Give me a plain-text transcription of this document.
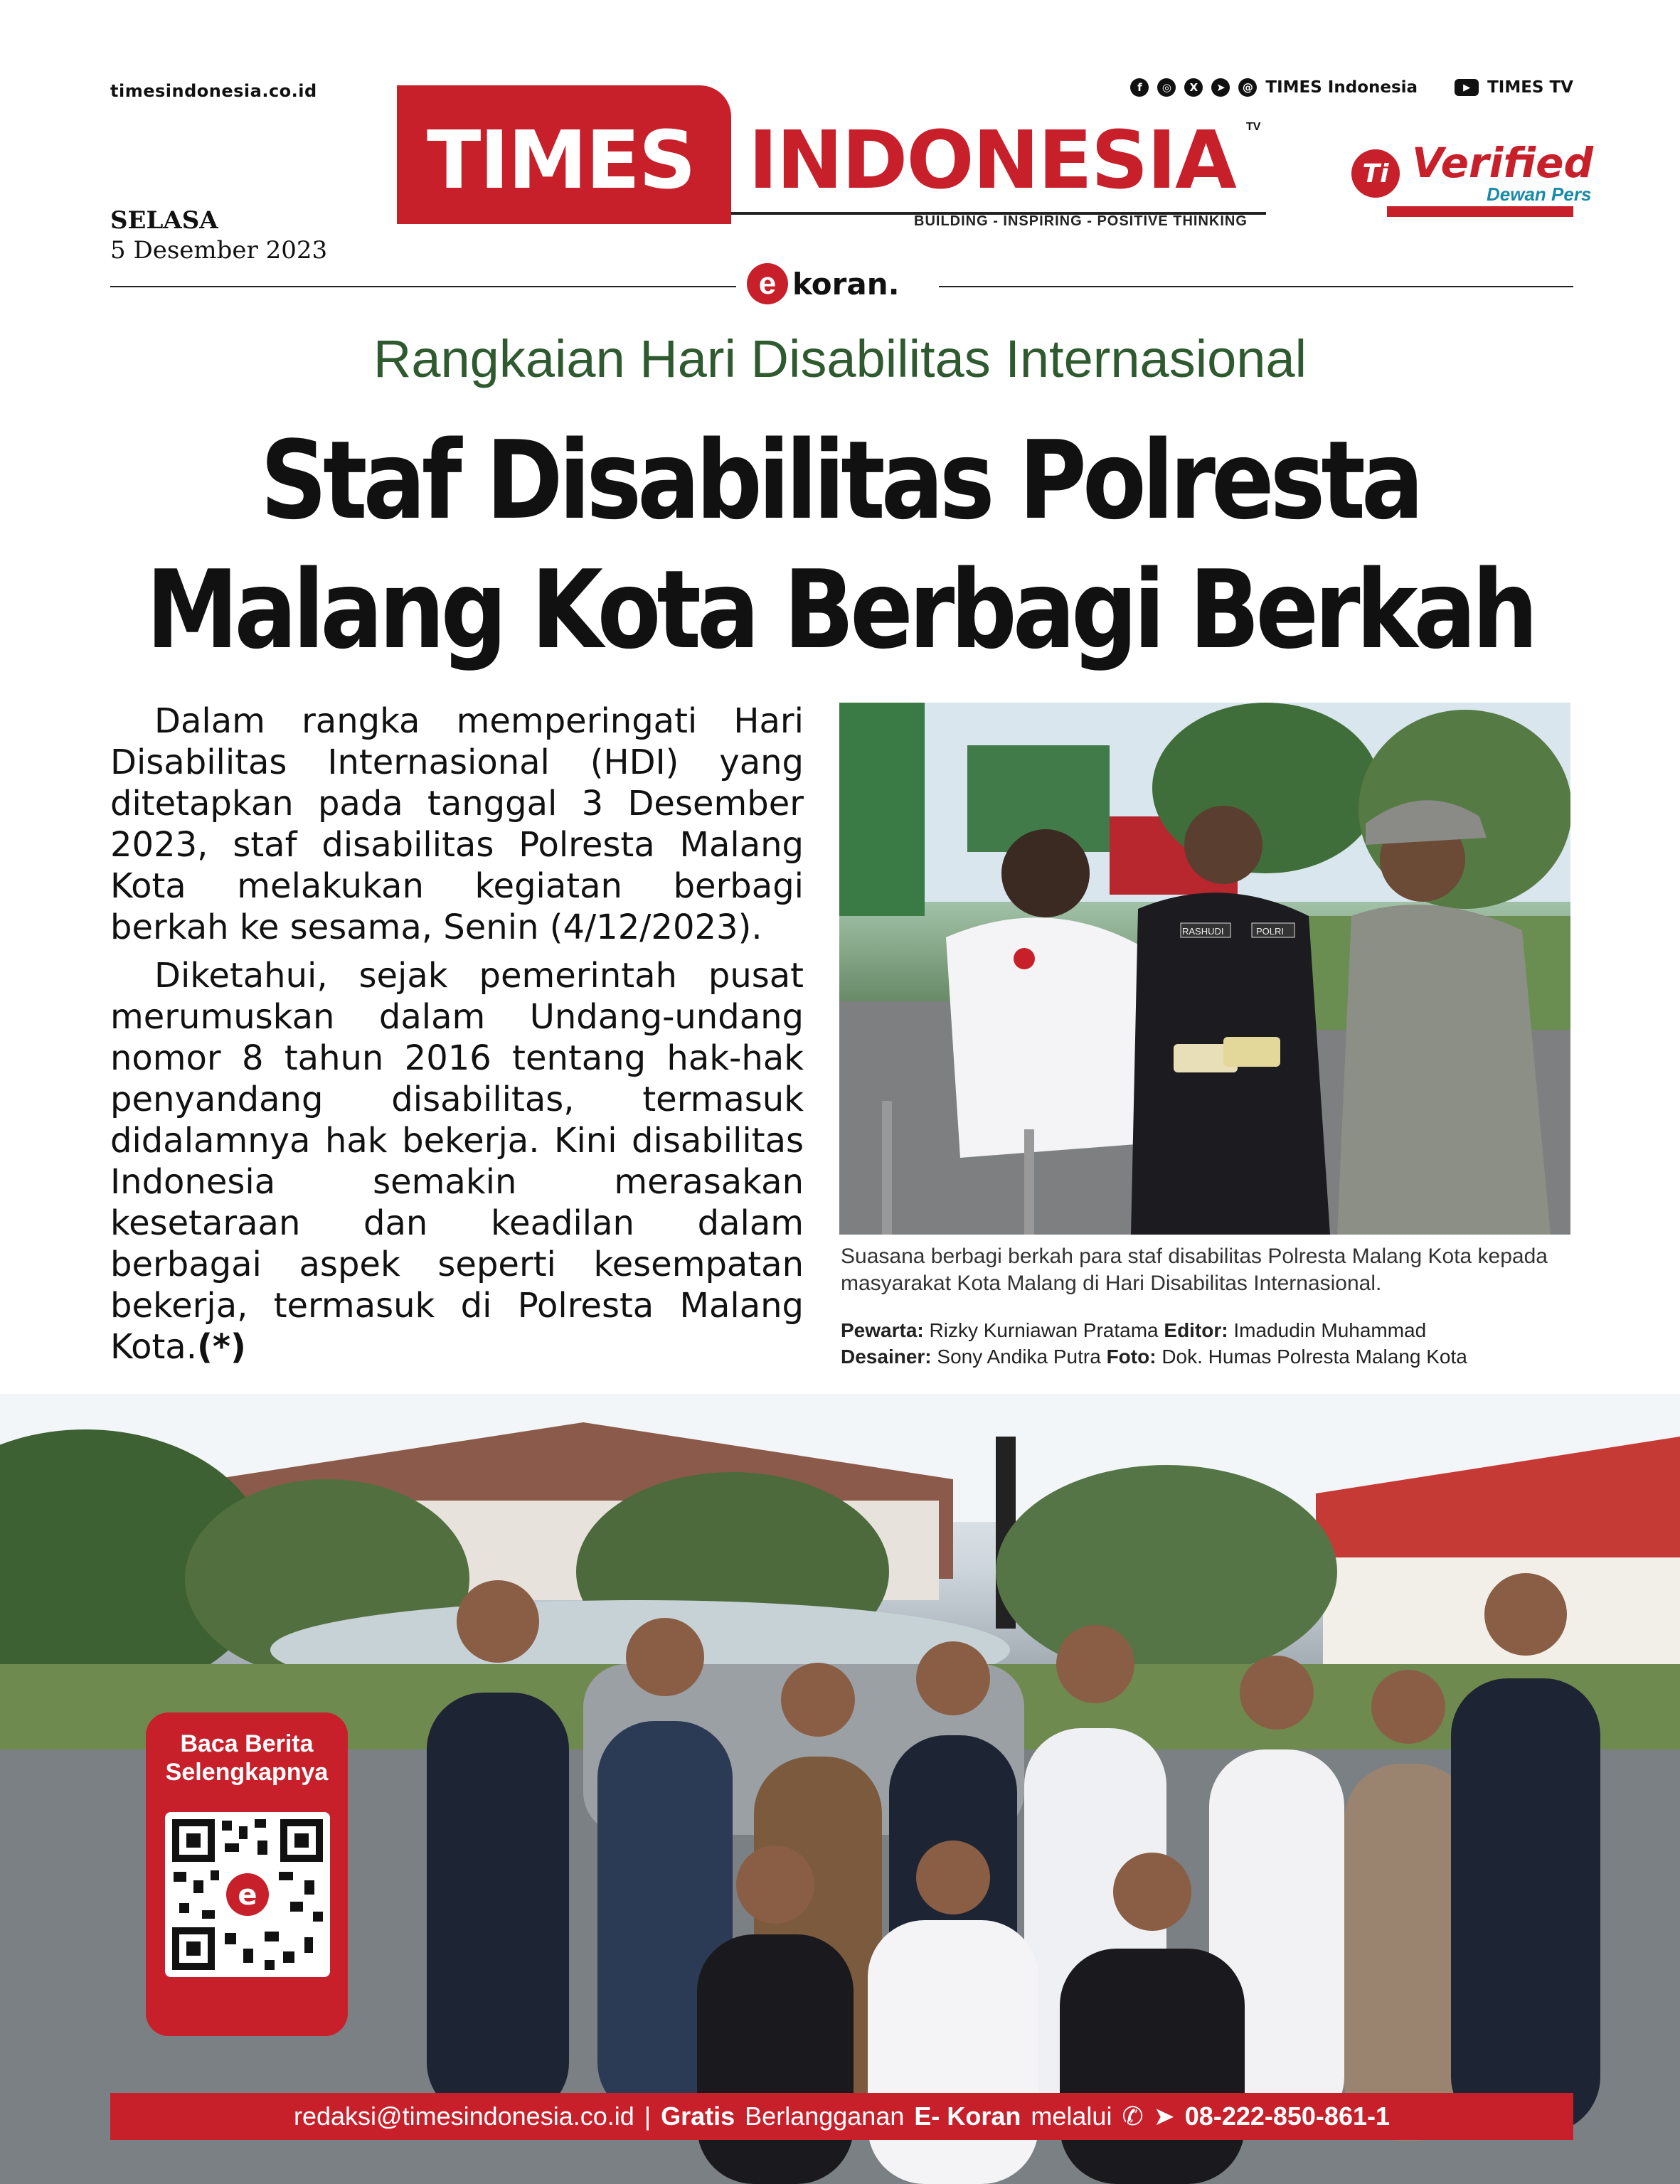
timesindonesia.co.id	f	◎	X	➤	@ TIMES Indonesia	▶	TIMES TV
TIMES INDONESIA TV
BUILDING - INSPIRING - POSITIVE THINKING
Ti Verified
Dewan Pers
SELASA
5 Desember 2023
e koran.
Rangkaian Hari Disabilitas Internasional
Staf Disabilitas Polresta
Malang Kota Berbagi Berkah

Dalam rangka memperingati Hari Disabilitas Internasional (HDI) yang ditetapkan pada tanggal 3 Desember 2023, staf disabilitas Polresta Malang Kota melakukan kegiatan berbagi berkah ke sesama, Senin (4/12/2023).

Diketahui, sejak pemerintah pusat merumuskan dalam Undang-undang nomor 8 tahun 2016 tentang hak-hak penyandang disabilitas, termasuk didalamnya hak bekerja. Kini disabilitas Indonesia semakin merasakan kesetaraan dan keadilan dalam berbagai aspek seperti kesempatan bekerja, termasuk di Polresta Malang Kota.(*)

RASHUDI	POLRI
Suasana berbagi berkah para staf disabilitas Polresta Malang Kota kepada masyarakat Kota Malang di Hari Disabilitas Internasional.
Pewarta: Rizky Kurniawan Pratama Editor: Imadudin Muhammad
Desainer: Sony Andika Putra Foto: Dok. Humas Polresta Malang Kota
Baca Berita Selengkapnya
e
redaksi@timesindonesia.co.id | Gratis Berlangganan E- Koran melalui ✆ ➤ 08-222-850-861-1
